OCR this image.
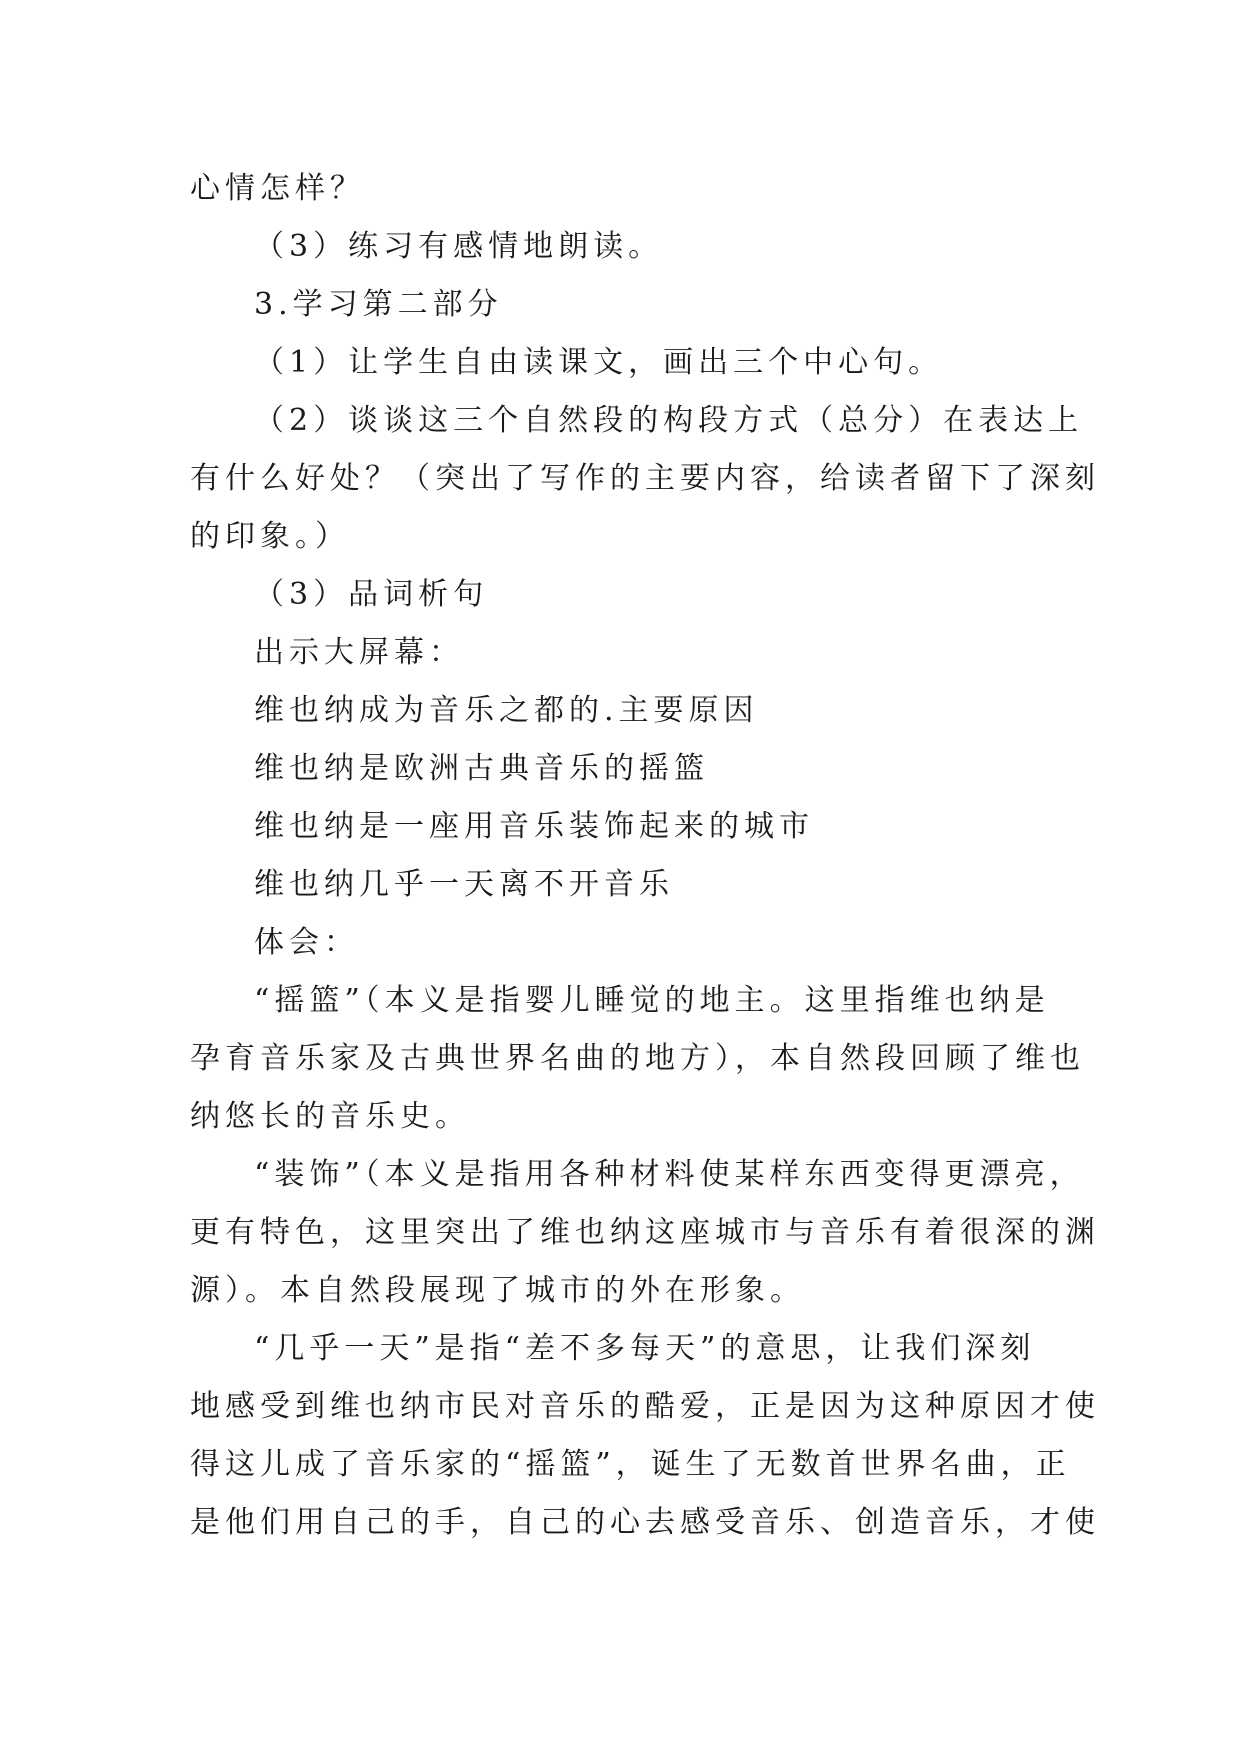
心情怎样？
（3）练习有感情地朗读。
3.学习第二部分
（1）让学生自由读课文，画出三个中心句。
（2）谈谈这三个自然段的构段方式（总分）在表达上
有什么好处？（突出了写作的主要内容，给读者留下了深刻
的印象。）
（3）品词析句
出示大屏幕：
维也纳成为音乐之都的.主要原因
维也纳是欧洲古典音乐的摇篮
维也纳是一座用音乐装饰起来的城市
维也纳几乎一天离不开音乐
体会：
“摇篮”（本义是指婴儿睡觉的地主。这里指维也纳是
孕育音乐家及古典世界名曲的地方），本自然段回顾了维也
纳悠长的音乐史。
“装饰”（本义是指用各种材料使某样东西变得更漂亮，
更有特色，这里突出了维也纳这座城市与音乐有着很深的渊
源）。本自然段展现了城市的外在形象。
“几乎一天”是指“差不多每天”的意思，让我们深刻
地感受到维也纳市民对音乐的酷爱，正是因为这种原因才使
得这儿成了音乐家的“摇篮”，诞生了无数首世界名曲，正
是他们用自己的手，自己的心去感受音乐、创造音乐，才使
